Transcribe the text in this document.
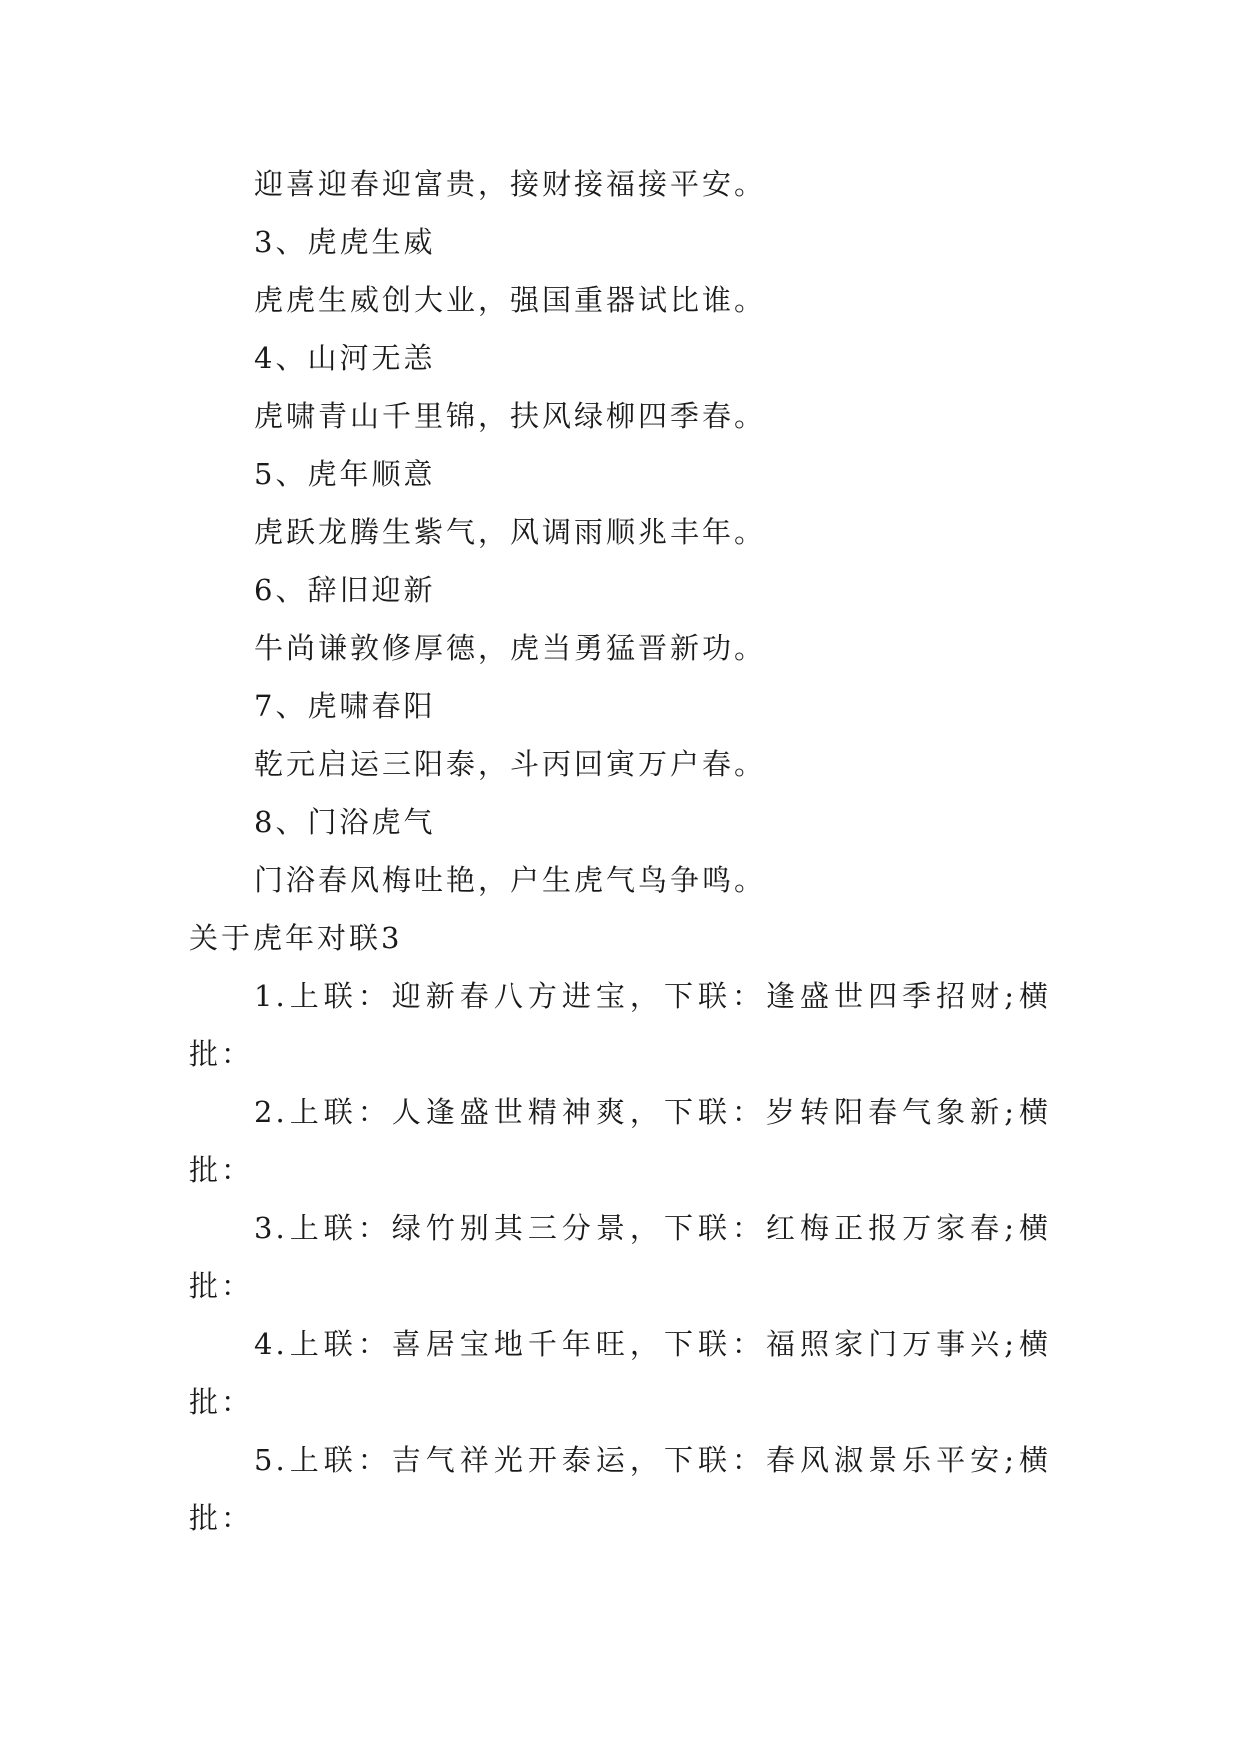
迎喜迎春迎富贵，接财接福接平安。
3、虎虎生威
虎虎生威创大业，强国重器试比谁。
4、山河无恙
虎啸青山千里锦，扶风绿柳四季春。
5、虎年顺意
虎跃龙腾生紫气，风调雨顺兆丰年。
6、辞旧迎新
牛尚谦敦修厚德，虎当勇猛晋新功。
7、虎啸春阳
乾元启运三阳泰，斗丙回寅万户春。
8、门浴虎气
门浴春风梅吐艳，户生虎气鸟争鸣。
关于虎年对联3
1.上联：迎新春八方进宝，下联：逢盛世四季招财;横
批：
2.上联：人逢盛世精神爽，下联：岁转阳春气象新;横
批：
3.上联：绿竹别其三分景，下联：红梅正报万家春;横
批：
4.上联：喜居宝地千年旺，下联：福照家门万事兴;横
批：
5.上联：吉气祥光开泰运，下联：春风淑景乐平安;横
批：
